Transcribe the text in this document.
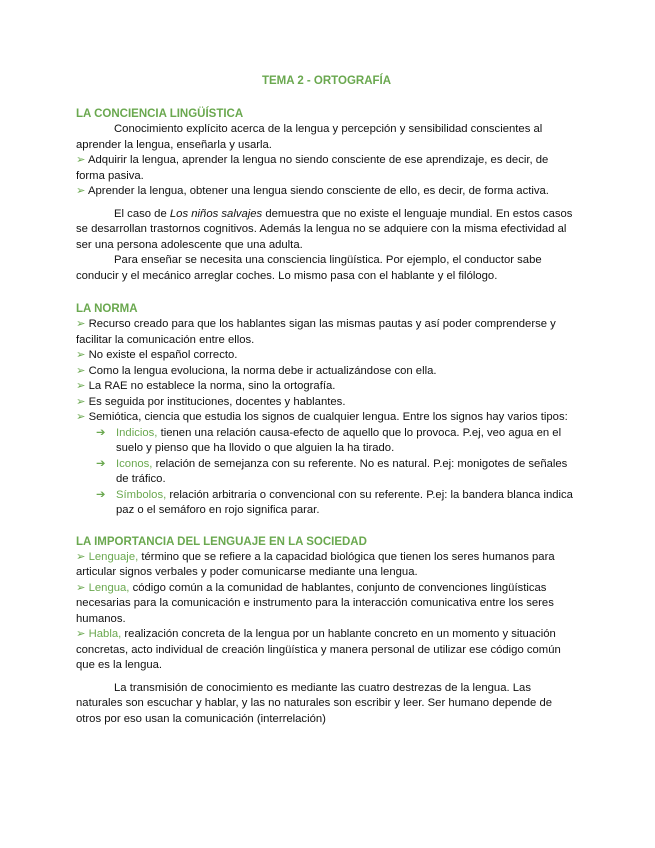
TEMA 2 - ORTOGRAFÍA
LA CONCIENCIA LINGÜÍSTICA

Conocimiento explícito acerca de la lengua y percepción y sensibilidad conscientes al aprender la lengua, enseñarla y usarla.

➢ Adquirir la lengua, aprender la lengua no siendo consciente de ese aprendizaje, es decir, de forma pasiva.

➢ Aprender la lengua, obtener una lengua siendo consciente de ello, es decir, de forma activa.

El caso de Los niños salvajes demuestra que no existe el lenguaje mundial. En estos casos se desarrollan trastornos cognitivos. Además la lengua no se adquiere con la misma efectividad al ser una persona adolescente que una adulta.

Para enseñar se necesita una consciencia lingüística. Por ejemplo, el conductor sabe conducir y el mecánico arreglar coches. Lo mismo pasa con el hablante y el filólogo.

LA NORMA

➢ Recurso creado para que los hablantes sigan las mismas pautas y así poder comprenderse y facilitar la comunicación entre ellos.

➢ No existe el español correcto.

➢ Como la lengua evoluciona, la norma debe ir actualizándose con ella.

➢ La RAE no establece la norma, sino la ortografía.

➢ Es seguida por instituciones, docentes y hablantes.

➢ Semiótica, ciencia que estudia los signos de cualquier lengua. Entre los signos hay varios tipos:

➔ Indicios, tienen una relación causa-efecto de aquello que lo provoca. P.ej, veo agua en el suelo y pienso que ha llovido o que alguien la ha tirado.

➔ Iconos, relación de semejanza con su referente. No es natural. P.ej: monigotes de señales de tráfico.

➔ Símbolos, relación arbitraria o convencional con su referente. P.ej: la bandera blanca indica paz o el semáforo en rojo significa parar.

LA IMPORTANCIA DEL LENGUAJE EN LA SOCIEDAD

➢ Lenguaje, término que se refiere a la capacidad biológica que tienen los seres humanos para articular signos verbales y poder comunicarse mediante una lengua.

➢ Lengua, código común a la comunidad de hablantes, conjunto de convenciones lingüísticas necesarias para la comunicación e instrumento para la interacción comunicativa entre los seres humanos.

➢ Habla, realización concreta de la lengua por un hablante concreto en un momento y situación concretas, acto individual de creación lingüística y manera personal de utilizar ese código común que es la lengua.

La transmisión de conocimiento es mediante las cuatro destrezas de la lengua. Las naturales son escuchar y hablar, y las no naturales son escribir y leer. Ser humano depende de otros por eso usan la comunicación (interrelación)
